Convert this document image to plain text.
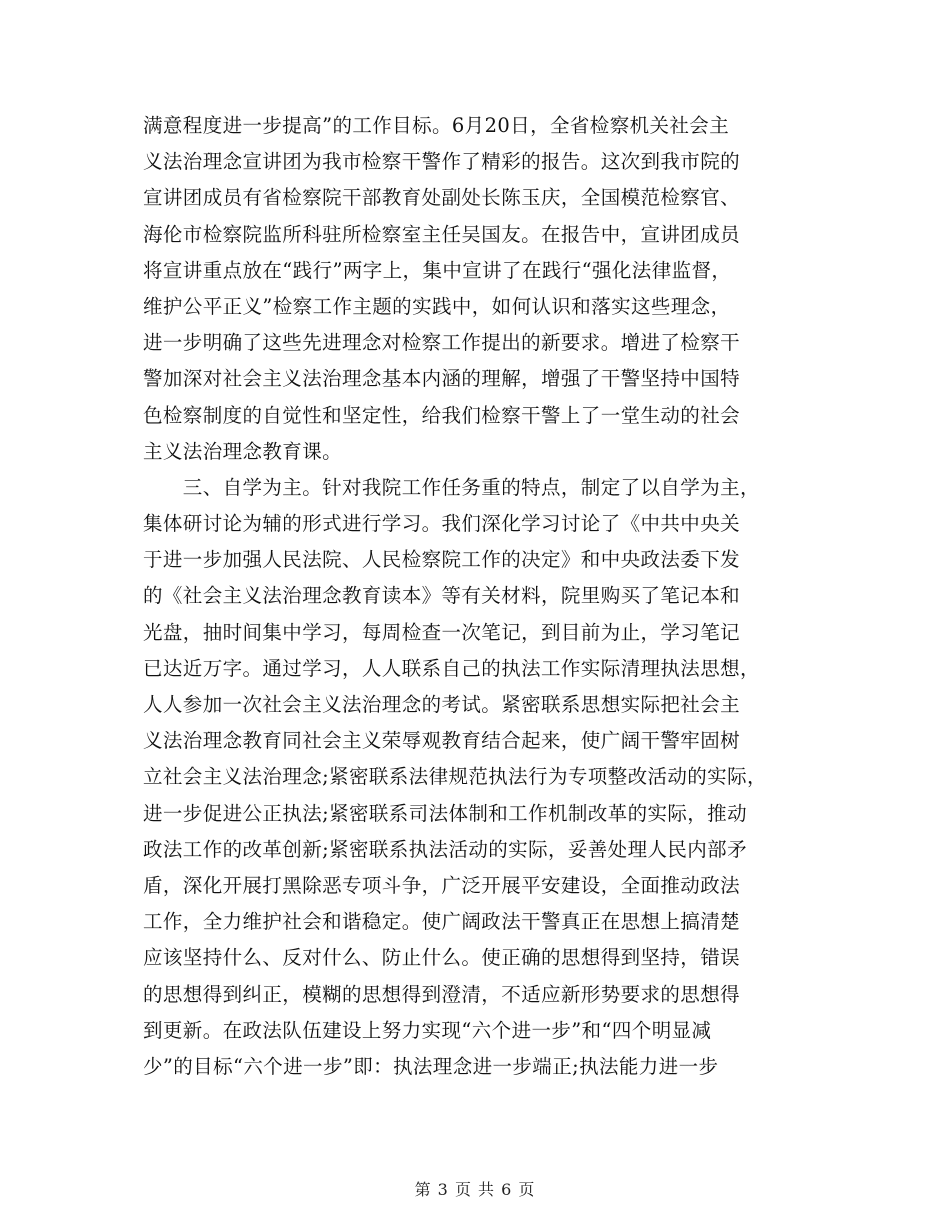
满意程度进一步提高”的工作目标。6月20日，全省检察机关社会主
义法治理念宣讲团为我市检察干警作了精彩的报告。这次到我市院的
宣讲团成员有省检察院干部教育处副处长陈玉庆，全国模范检察官、
海伦市检察院监所科驻所检察室主任吴国友。在报告中，宣讲团成员
将宣讲重点放在“践行”两字上，集中宣讲了在践行“强化法律监督，
维护公平正义”检察工作主题的实践中，如何认识和落实这些理念，
进一步明确了这些先进理念对检察工作提出的新要求。增进了检察干
警加深对社会主义法治理念基本内涵的理解，增强了干警坚持中国特
色检察制度的自觉性和坚定性，给我们检察干警上了一堂生动的社会
主义法治理念教育课。
　　三、自学为主。针对我院工作任务重的特点，制定了以自学为主，
集体研讨论为辅的形式进行学习。我们深化学习讨论了《中共中央关
于进一步加强人民法院、人民检察院工作的决定》和中央政法委下发
的《社会主义法治理念教育读本》等有关材料，院里购买了笔记本和
光盘，抽时间集中学习，每周检查一次笔记，到目前为止，学习笔记
已达近万字。通过学习，人人联系自己的执法工作实际清理执法思想，
人人参加一次社会主义法治理念的考试。紧密联系思想实际把社会主
义法治理念教育同社会主义荣辱观教育结合起来，使广阔干警牢固树
立社会主义法治理念;紧密联系法律规范执法行为专项整改活动的实际，
进一步促进公正执法;紧密联系司法体制和工作机制改革的实际，推动
政法工作的改革创新;紧密联系执法活动的实际，妥善处理人民内部矛
盾，深化开展打黑除恶专项斗争，广泛开展平安建设，全面推动政法
工作，全力维护社会和谐稳定。使广阔政法干警真正在思想上搞清楚
应该坚持什么、反对什么、防止什么。使正确的思想得到坚持，错误
的思想得到纠正，模糊的思想得到澄清，不适应新形势要求的思想得
到更新。在政法队伍建设上努力实现“六个进一步”和“四个明显减
少”的目标“六个进一步”即：执法理念进一步端正;执法能力进一步
第 3 页 共 6 页
